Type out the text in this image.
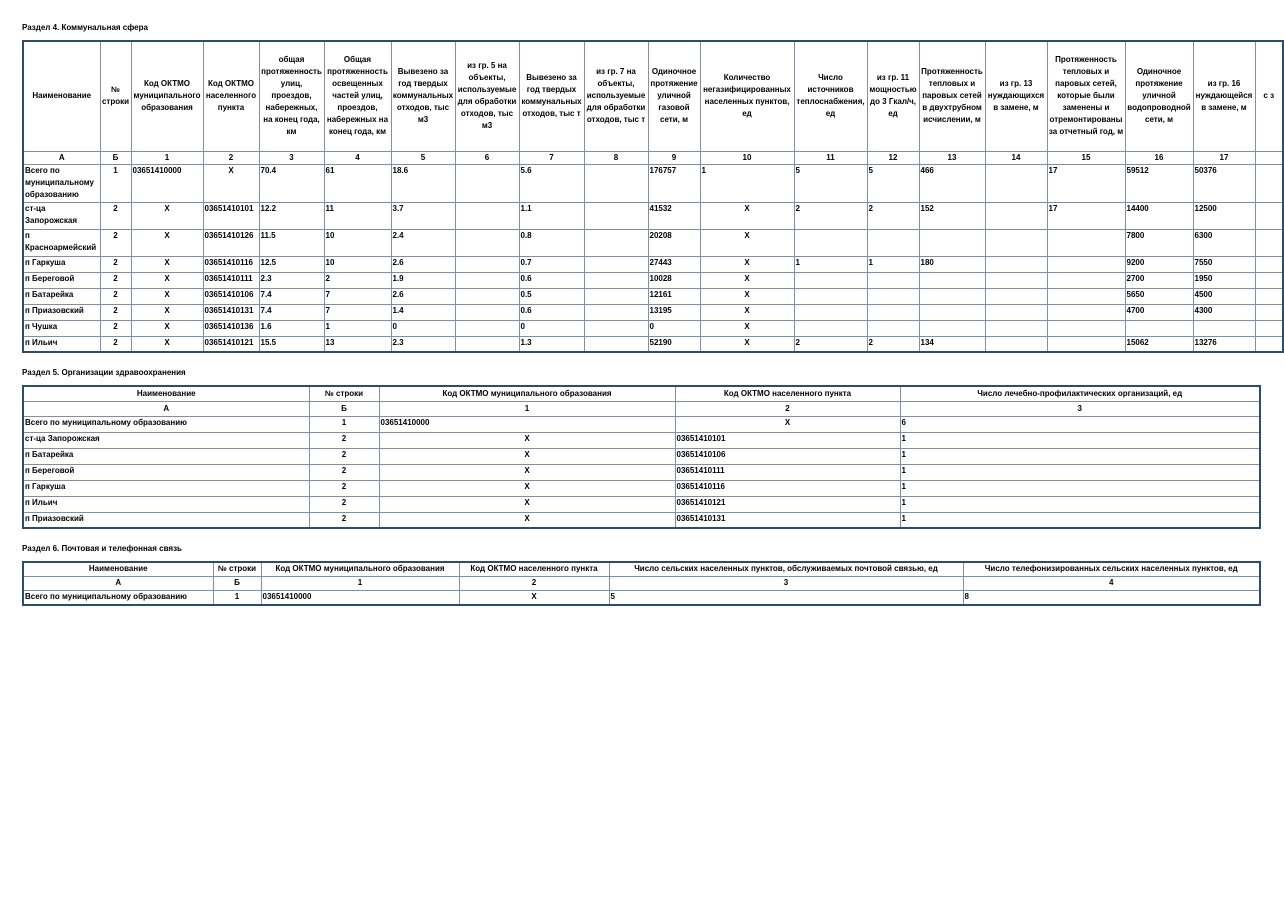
Раздел 4. Коммунальная сфера
Наименование	№ строки	Код ОКТМО муниципального образования	Код ОКТМО населенного пункта	общая протяженность улиц, проездов, набережных, на конец года, км	Общая протяженность освещенных частей улиц, проездов, набережных на конец года, км	Вывезено за год твердых коммунальных отходов, тыс м3	из гр. 5 на объекты, используемые для обработки отходов, тыс м3	Вывезено за год твердых коммунальных отходов, тыс т	из гр. 7 на объекты, используемые для обработки отходов, тыс т	Одиночное протяжение уличной газовой сети, м	Количество негазифицированных населенных пунктов, ед	Число источников теплоснабжения, ед	из гр. 11 мощностью до 3 Гкал/ч, ед	Протяженность тепловых и паровых сетей в двухтрубном исчислении, м	из гр. 13 нуждающихся в замене, м	Протяженность тепловых и паровых сетей, которые были заменены и отремонтированы за отчетный год, м	Одиночное протяжение уличной водопроводной сети, м	из гр. 16 нуждающейся в замене, м	с з
А	Б	1	2	3	4	5	6	7	8	9	10	11	12	13	14	15	16	17	
Всего по муниципальному образованию	1	03651410000	X	70.4	61	18.6		5.6		176757	1	5	5	466		17	59512	50376	
ст-ца Запорожская	2	X	03651410101	12.2	11	3.7		1.1		41532	X	2	2	152		17	14400	12500	
п Красноармейский	2	X	03651410126	11.5	10	2.4		0.8		20208	X						7800	6300	
п Гаркуша	2	X	03651410116	12.5	10	2.6		0.7		27443	X	1	1	180			9200	7550	
п Береговой	2	X	03651410111	2.3	2	1.9		0.6		10028	X						2700	1950	
п Батарейка	2	X	03651410106	7.4	7	2.6		0.5		12161	X						5650	4500	
п Приазовский	2	X	03651410131	7.4	7	1.4		0.6		13195	X						4700	4300	
п Чушка	2	X	03651410136	1.6	1	0		0		0	X								
п Ильич	2	X	03651410121	15.5	13	2.3		1.3		52190	X	2	2	134			15062	13276	
Раздел 5. Организации здравоохранения
Наименование	№ строки	Код ОКТМО муниципального образования	Код ОКТМО населенного пункта	Число лечебно-профилактических организаций, ед
А	Б	1	2	3
Всего по муниципальному образованию	1	03651410000	X	6
ст-ца Запорожская	2	X	03651410101	1
п Батарейка	2	X	03651410106	1
п Береговой	2	X	03651410111	1
п Гаркуша	2	X	03651410116	1
п Ильич	2	X	03651410121	1
п Приазовский	2	X	03651410131	1
Раздел 6. Почтовая и телефонная связь
Наименование	№ строки	Код ОКТМО муниципального образования	Код ОКТМО населенного пункта	Число сельских населенных пунктов, обслуживаемых почтовой связью, ед	Число телефонизированных сельских населенных пунктов, ед
А	Б	1	2	3	4
Всего по муниципальному образованию	1	03651410000	X	5	8
